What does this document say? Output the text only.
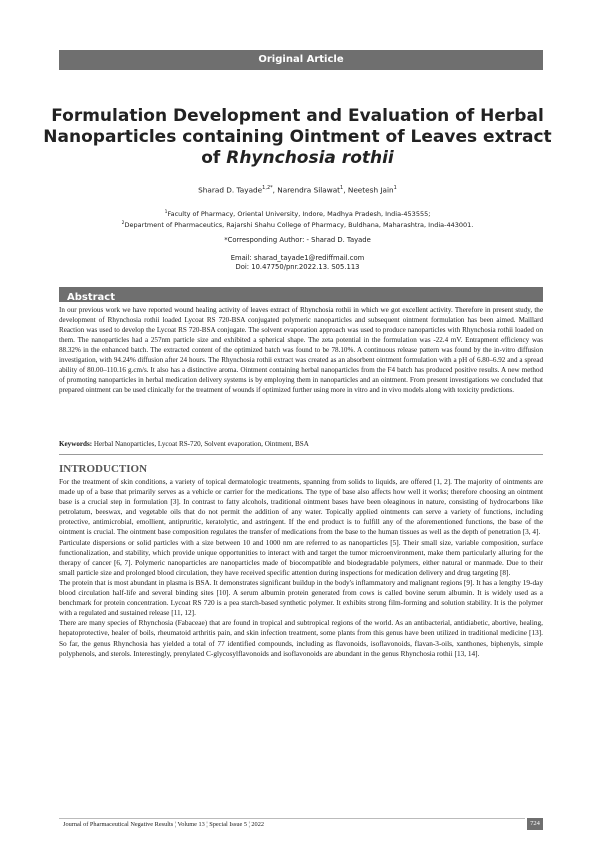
Original Article
Formulation Development and Evaluation of Herbal Nanoparticles containing Ointment of Leaves extract of Rhynchosia rothii
Sharad D. Tayade$^{1,2*}$, Narendra Silawat$^1$, Neetesh Jain$^1$
$^1$Faculty of Pharmacy, Oriental University, Indore, Madhya Pradesh, India-453555;
$^2$Department of Pharmaceutics, Rajarshi Shahu College of Pharmacy, Buldhana, Maharashtra, India-443001.
*Corresponding Author: - Sharad D. Tayade
Email: sharad_tayade1@rediffmail.com
Doi: 10.47750/pnr.2022.13. S05.113
Abstract

In our previous work we have reported wound healing activity of leaves extract of Rhynchosia rothii in which we got excellent activity. Therefore in present study, the development of Rhynchosia rothii loaded Lycoat RS 720-BSA conjugated polymeric nanoparticles and subsequent ointment formulation has been aimed. Maillard Reaction was used to develop the Lycoat RS 720-BSA conjugate. The solvent evaporation approach was used to produce nanoparticles with Rhynchosia rothii loaded on them. The nanoparticles had a 257nm particle size and exhibited a spherical shape. The zeta potential in the formulation was -22.4 mV. Entrapment efficiency was 88.32% in the enhanced batch. The extracted content of the optimized batch was found to be 78.10%. A continuous release pattern was found by the in-vitro diffusion investigation, with 94.24% diffusion after 24 hours. The Rhynchosia rothii extract was created as an absorbent ointment formulation with a pH of 6.80–6.92 and a spread ability of 80.00–110.16 g.cm/s. It also has a distinctive aroma. Ointment containing herbal nanoparticles from the F4 batch has produced positive results. A new method of promoting nanoparticles in herbal medication delivery systems is by employing them in nanoparticles and an ointment. From present investigations we concluded that prepared ointment can be used clinically for the treatment of wounds if optimized further using more in vitro and in vivo models along with toxicity predictions.

Keywords: Herbal Nanoparticles, Lycoat RS-720, Solvent evaporation, Ointment, BSA

INTRODUCTION

For the treatment of skin conditions, a variety of topical dermatologic treatments, spanning from solids to liquids, are offered [1, 2]. The majority of ointments are made up of a base that primarily serves as a vehicle or carrier for the medications. The type of base also affects how well it works; therefore choosing an ointment base is a crucial step in formulation [3]. In contrast to fatty alcohols, traditional ointment bases have been oleaginous in nature, consisting of hydrocarbons like petrolatum, beeswax, and vegetable oils that do not permit the addition of any water. Topically applied ointments can serve a variety of functions, including protective, antimicrobial, emollient, antipruritic, keratolytic, and astringent. If the end product is to fulfill any of the aforementioned functions, the base of the ointment is crucial. The ointment base composition regulates the transfer of medications from the base to the human tissues as well as the depth of penetration [3, 4].

Particulate dispersions or solid particles with a size between 10 and 1000 nm are referred to as nanoparticles [5]. Their small size, variable composition, surface functionalization, and stability, which provide unique opportunities to interact with and target the tumor microenvironment, make them particularly alluring for the therapy of cancer [6, 7]. Polymeric nanoparticles are nanoparticles made of biocompatible and biodegradable polymers, either natural or manmade. Due to their small particle size and prolonged blood circulation, they have received specific attention during inspections for medication delivery and drug targeting [8].

The protein that is most abundant in plasma is BSA. It demonstrates significant buildup in the body's inflammatory and malignant regions [9]. It has a lengthy 19-day blood circulation half-life and several binding sites [10]. A serum albumin protein generated from cows is called bovine serum albumin. It is widely used as a benchmark for protein concentration. Lycoat RS 720 is a pea starch-based synthetic polymer. It exhibits strong film-forming and solution stability. It is the polymer with a regulated and sustained release [11, 12].

There are many species of Rhynchosia (Fabaceae) that are found in tropical and subtropical regions of the world. As an antibacterial, antidiabetic, abortive, healing, hepatoprotective, healer of boils, rheumatoid arthritis pain, and skin infection treatment, some plants from this genus have been utilized in traditional medicine [13]. So far, the genus Rhynchosia has yielded a total of 77 identified compounds, including as flavonoids, isoflavonoids, flavan-3-oils, xanthones, biphenyls, simple polyphenols, and sterols. Interestingly, prenylated C-glycosylflavonoids and isoflavonoids are abundant in the genus Rhynchosia rothii [13, 14].

Journal of Pharmaceutical Negative Results ¦ Volume 13 ¦ Special Issue 5 ¦ 2022	724
